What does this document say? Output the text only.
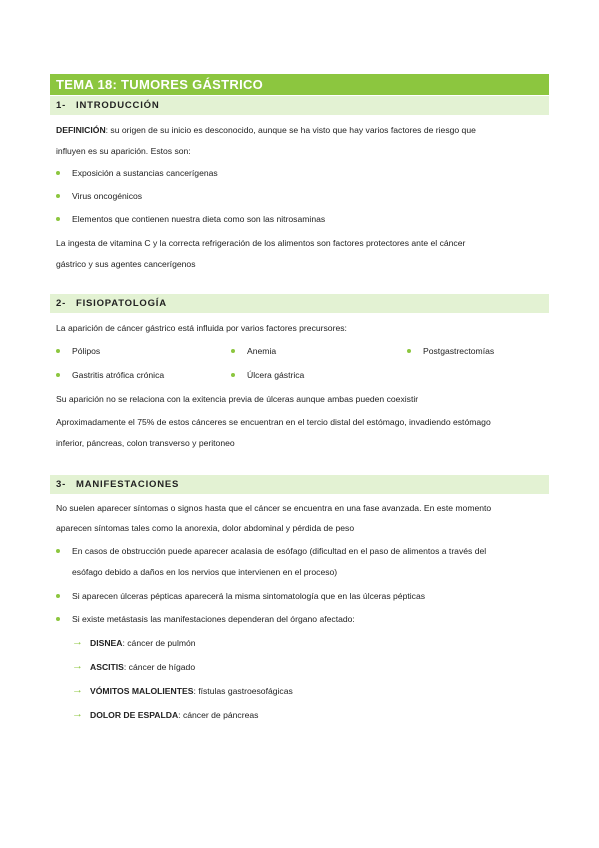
TEMA 18: TUMORES GÁSTRICO
1- INTRODUCCIÓN
DEFINICIÓN: su origen de su inicio es desconocido, aunque se ha visto que hay varios factores de riesgo que
influyen es su aparición. Estos son:
Exposición a sustancias cancerígenas
Virus oncogénicos
Elementos que contienen nuestra dieta como son las nitrosaminas
La ingesta de vitamina C y la correcta refrigeración de los alimentos son factores protectores ante el cáncer
gástrico y sus agentes cancerígenos
2- FISIOPATOLOGÍA
La aparición de cáncer gástrico está influida por varios factores precursores:
Pólipos	Anemia	Postgastrectomías
Gastritis atrófica crónica	Úlcera gástrica
Su aparición no se relaciona con la exitencia previa de úlceras aunque ambas pueden coexistir
Aproximadamente el 75% de estos cánceres se encuentran en el tercio distal del estómago, invadiendo estómago
inferior, páncreas, colon transverso y peritoneo
3- MANIFESTACIONES
No suelen aparecer síntomas o signos hasta que el cáncer se encuentra en una fase avanzada. En este momento
aparecen síntomas tales como la anorexia, dolor abdominal y pérdida de peso
En casos de obstrucción puede aparecer acalasia de esófago (dificultad en el paso de alimentos a través del
esófago debido a daños en los nervios que intervienen en el proceso)
Si aparecen úlceras pépticas aparecerá la misma sintomatología que en las úlceras pépticas
Si existe metástasis las manifestaciones dependeran del órgano afectado:
→ DISNEA: cáncer de pulmón
→ ASCITIS: cáncer de hígado
→ VÓMITOS MALOLIENTES: fístulas gastroesofágicas
→ DOLOR DE ESPALDA: cáncer de páncreas
